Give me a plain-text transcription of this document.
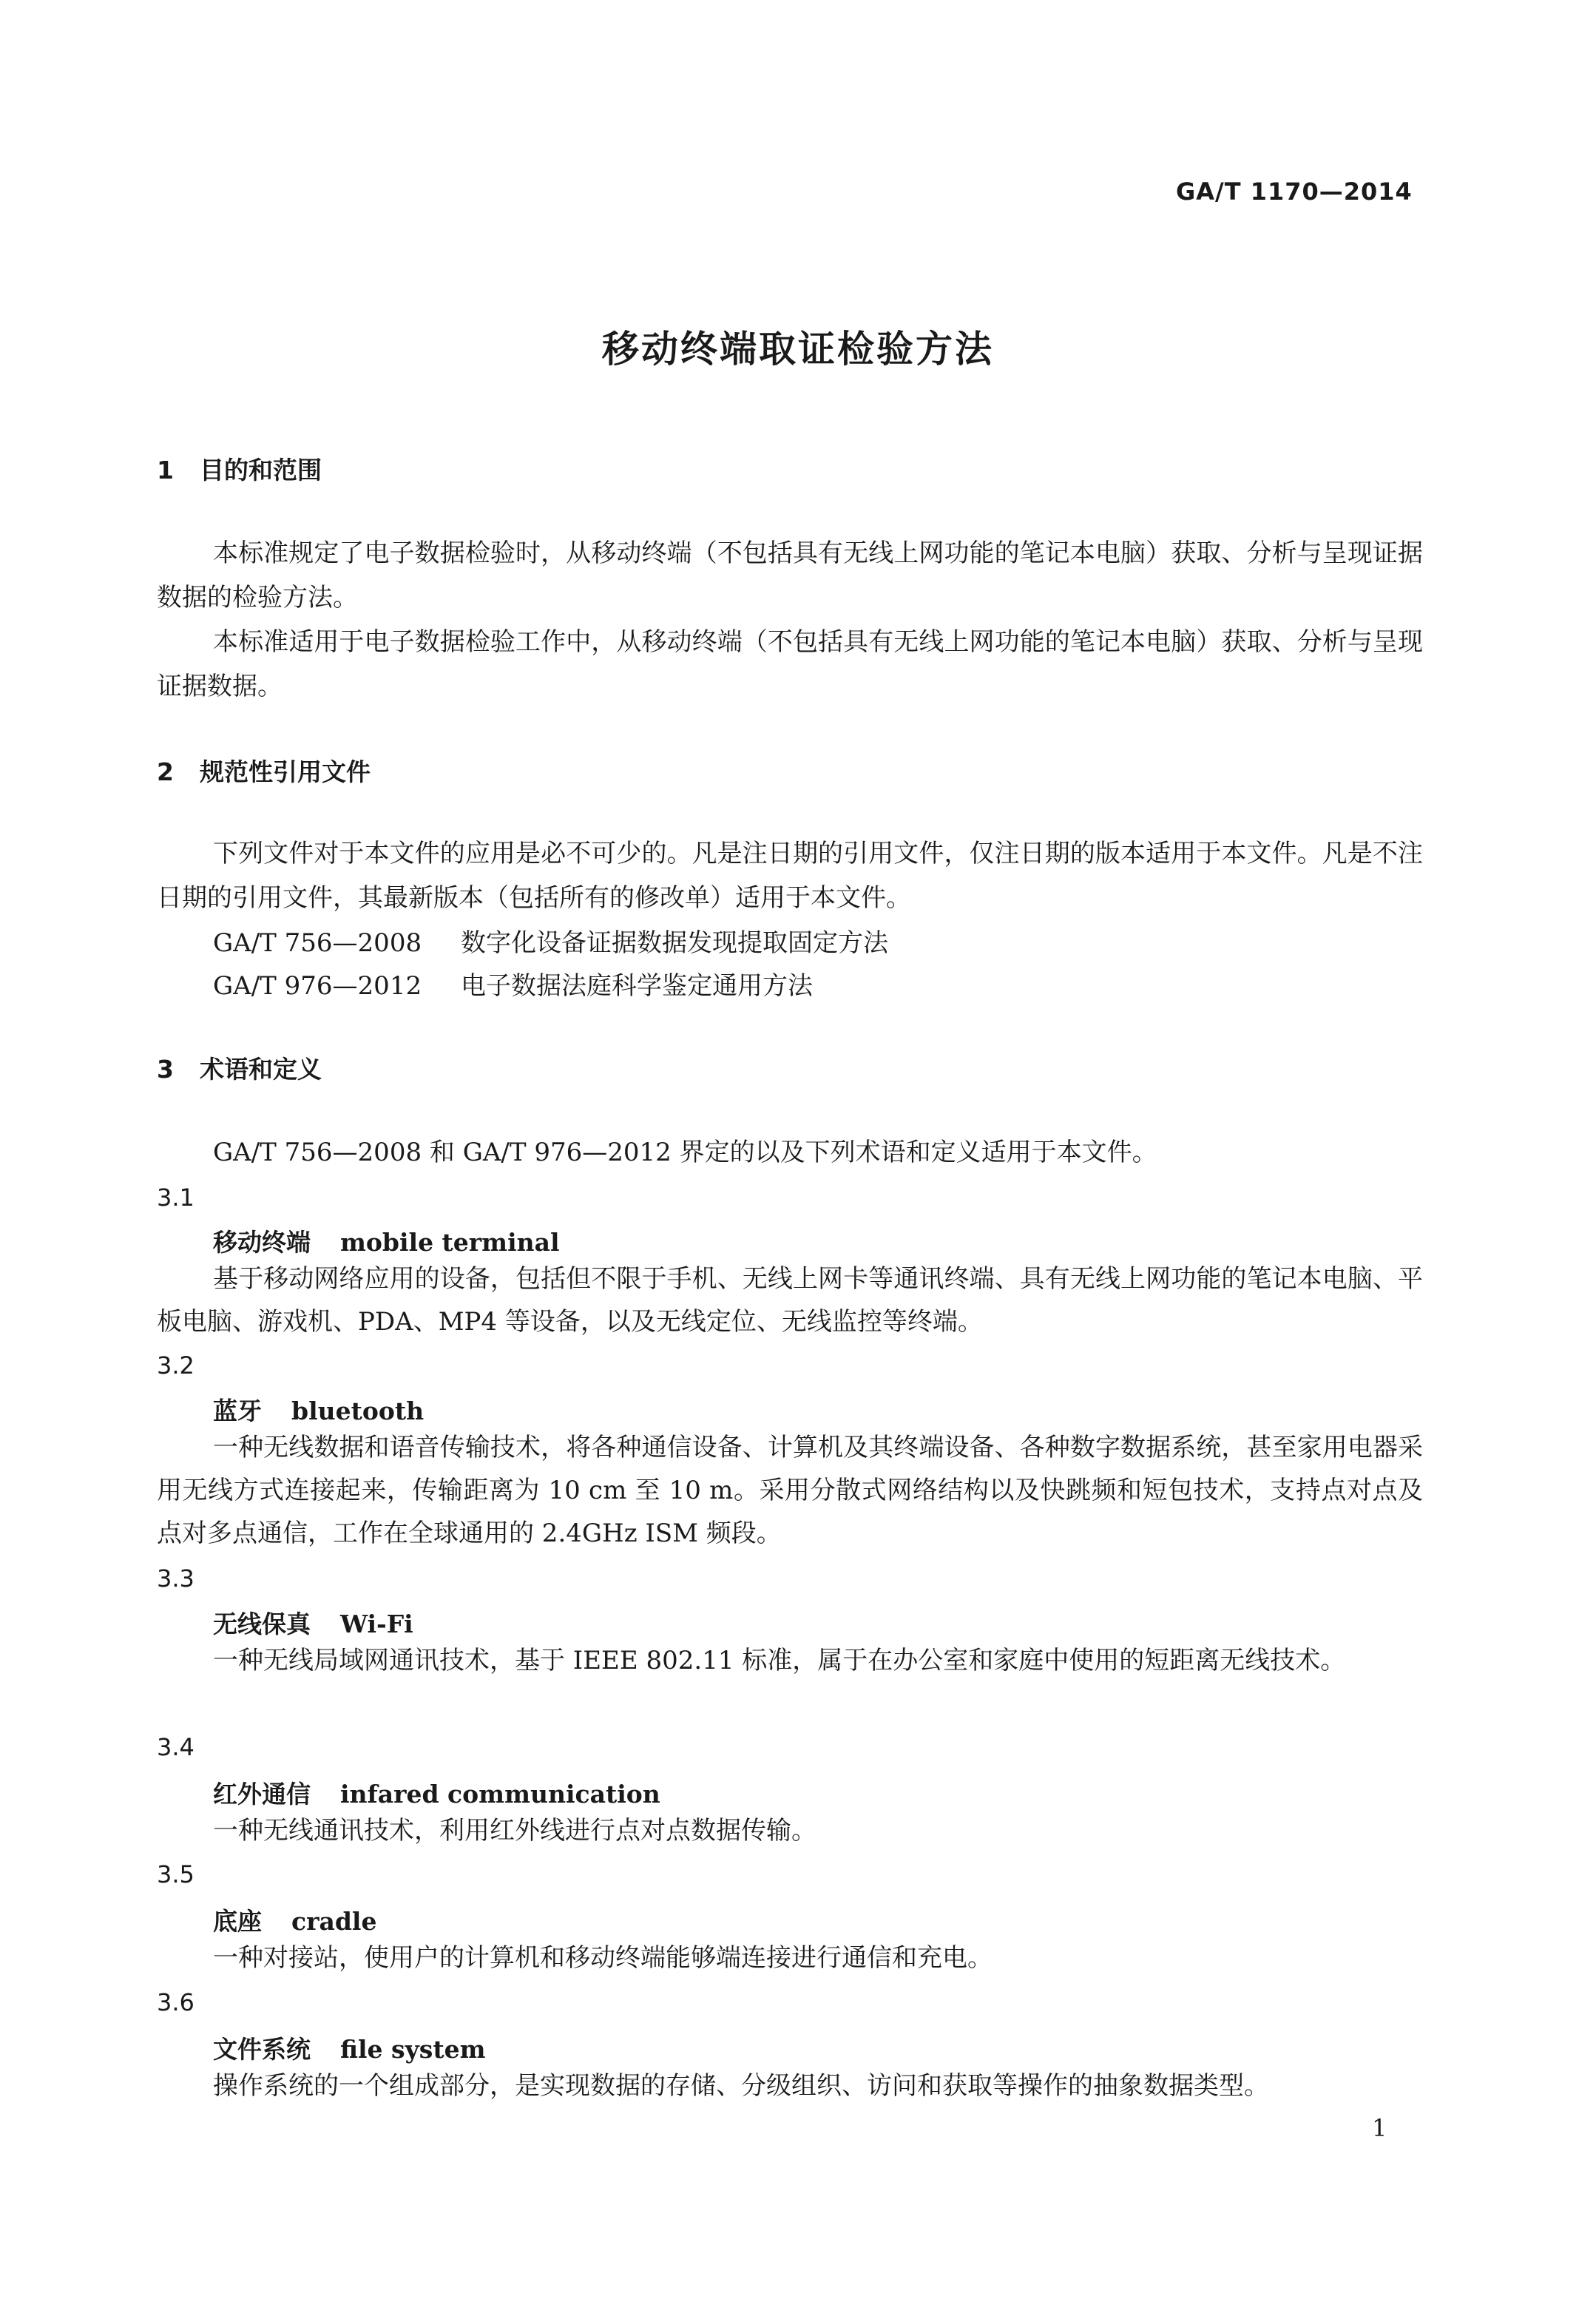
GA/T 1170—2014
移动终端取证检验方法
1 目的和范围

本标准规定了电子数据检验时，从移动终端（不包括具有无线上网功能的笔记本电脑）获取、分析与呈现证据数据的检验方法。

本标准适用于电子数据检验工作中，从移动终端（不包括具有无线上网功能的笔记本电脑）获取、分析与呈现证据数据。

2 规范性引用文件

下列文件对于本文件的应用是必不可少的。凡是注日期的引用文件，仅注日期的版本适用于本文件。凡是不注日期的引用文件，其最新版本（包括所有的修改单）适用于本文件。

GA/T 756—2008 数字化设备证据数据发现提取固定方法
GA/T 976—2012 电子数据法庭科学鉴定通用方法
3 术语和定义

GA/T 756—2008 和 GA/T 976—2012 界定的以及下列术语和定义适用于本文件。

3.1
移动终端 mobile terminal

基于移动网络应用的设备，包括但不限于手机、无线上网卡等通讯终端、具有无线上网功能的笔记本电脑、平板电脑、游戏机、PDA、MP4 等设备，以及无线定位、无线监控等终端。

3.2
蓝牙 bluetooth

一种无线数据和语音传输技术，将各种通信设备、计算机及其终端设备、各种数字数据系统，甚至家用电器采用无线方式连接起来，传输距离为 10 cm 至 10 m。采用分散式网络结构以及快跳频和短包技术，支持点对点及点对多点通信，工作在全球通用的 2.4GHz ISM 频段。

3.3
无线保真 Wi-Fi

一种无线局域网通讯技术，基于 IEEE 802.11 标准，属于在办公室和家庭中使用的短距离无线技术。

3.4
红外通信 infared communication

一种无线通讯技术，利用红外线进行点对点数据传输。

3.5
底座 cradle

一种对接站，使用户的计算机和移动终端能够端连接进行通信和充电。

3.6
文件系统 file system

操作系统的一个组成部分，是实现数据的存储、分级组织、访问和获取等操作的抽象数据类型。

1
